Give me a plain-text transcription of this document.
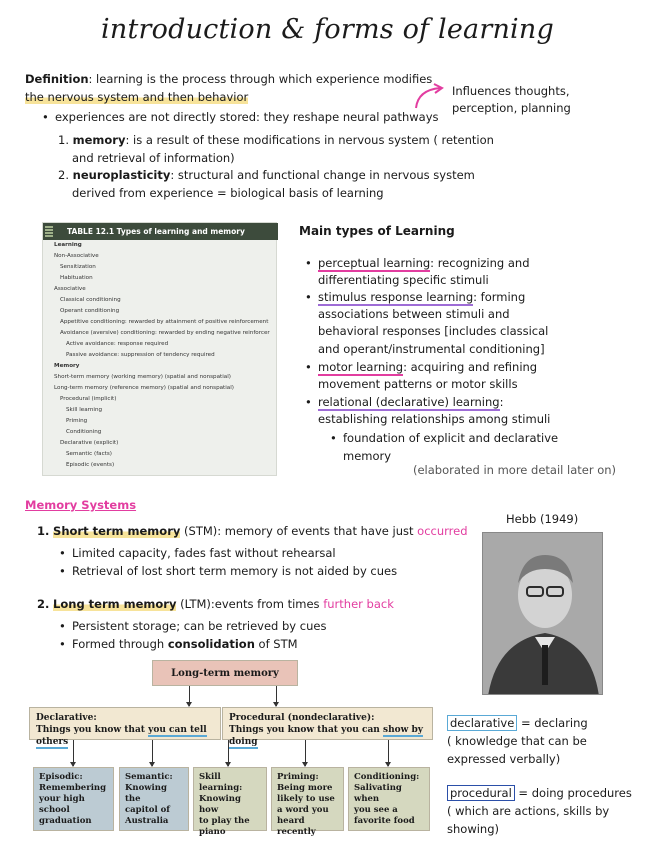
introduction & forms of learning
Definition: learning is the process through which experience modifies
the nervous system and then behavior	Influences thoughts,
perception, planning
• experiences are not directly stored: they reshape neural pathways
1. memory: is a result of these modifications in nervous system ( retention
and retrieval of information)
2. neuroplasticity: structural and functional change in nervous system
derived from experience = biological basis of learning
TABLE 12.1 Types of learning and memory
Learning
Non-Associative
Sensitization
Habituation
Associative
Classical conditioning
Operant conditioning
Appetitive conditioning: rewarded by attainment of positive reinforcement
Avoidance (aversive) conditioning: rewarded by ending negative reinforcer
Active avoidance: response required
Passive avoidance: suppression of tendency required
Memory
Short-term memory (working memory) (spatial and nonspatial)
Long-term memory (reference memory) (spatial and nonspatial)
Procedural (implicit)
Skill learning
Priming
Conditioning
Declarative (explicit)
Semantic (facts)
Episodic (events)
Main types of Learning
perceptual learning: recognizing and
differentiating specific stimuli
stimulus response learning: forming
associations between stimuli and
behavioral responses [includes classical
and operant/instrumental conditioning]
motor learning: acquiring and refining
movement patterns or motor skills
relational (declarative) learning:
establishing relationships among stimuli
foundation of explicit and declarative
memory
(elaborated in more detail later on)
Memory Systems
1. Short term memory (STM): memory of events that have just occurred
Limited capacity, fades fast without rehearsal
Retrieval of lost short term memory is not aided by cues
2. Long term memory (LTM):events from times further back
Persistent storage; can be retrieved by cues
Formed through consolidation of STM
Hebb (1949)
Long-term memory
Declarative:
Things you know that you can tell others
Procedural (nondeclarative):
Things you know that you can show by doing
Episodic:
Remembering
your high school
graduation
Semantic:
Knowing the
capitol of
Australia
Skill learning:
Knowing how
to play the
piano
Priming:
Being more
likely to use
a word you
heard recently
Conditioning:
Salivating when
you see a
favorite food
declarative = declaring
( knowledge that can be
expressed verbally)
procedural = doing procedures
( which are actions, skills by
showing)
